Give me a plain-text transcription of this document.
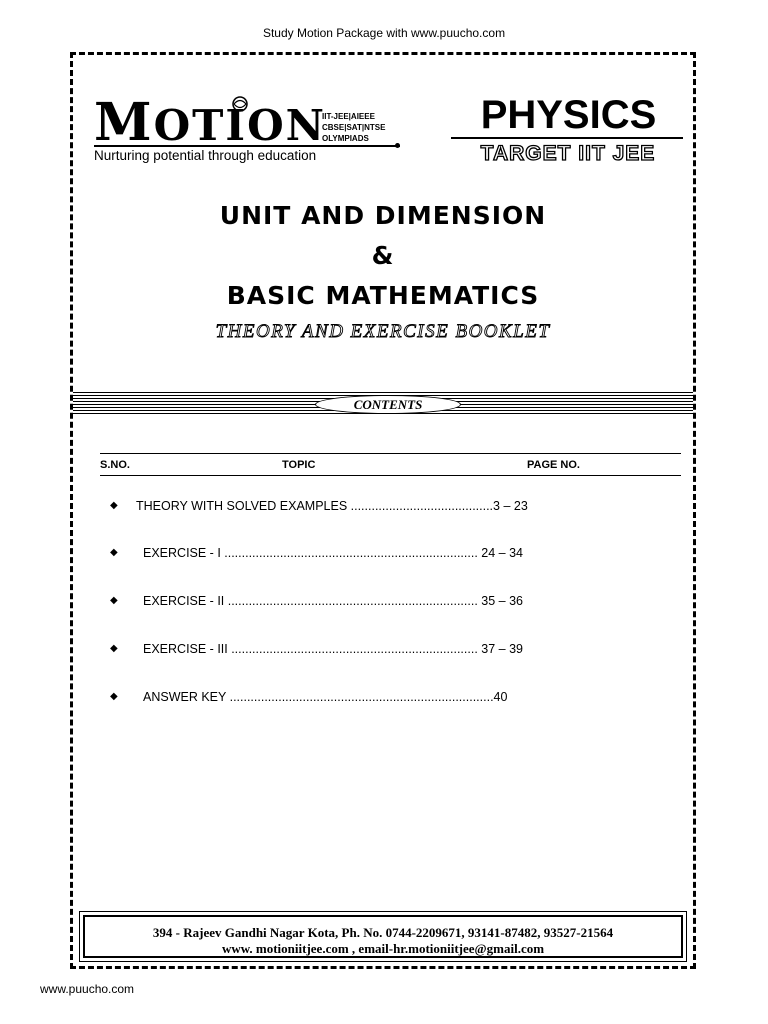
Study Motion Package with www.puucho.com
MOTION
IIT-JEE|AIEEE
CBSE|SAT|NTSE
OLYMPIADS
Nurturing potential through education
PHYSICS
TARGET IIT JEE
UNIT AND DIMENSION
&
BASIC MATHEMATICS
THEORY AND EXERCISE BOOKLET
CONTENTS
S.NO.	TOPIC	PAGE NO.
◆ THEORY WITH SOLVED EXAMPLES .........................................3 – 23
◆ EXERCISE - I ......................................................................... 24 – 34
◆ EXERCISE - II ........................................................................ 35 – 36
◆ EXERCISE - III ....................................................................... 37 – 39
◆ ANSWER KEY ............................................................................40
394 - Rajeev Gandhi Nagar Kota, Ph. No. 0744-2209671, 93141-87482, 93527-21564
www. motioniitjee.com , email-hr.motioniitjee@gmail.com
www.puucho.com
